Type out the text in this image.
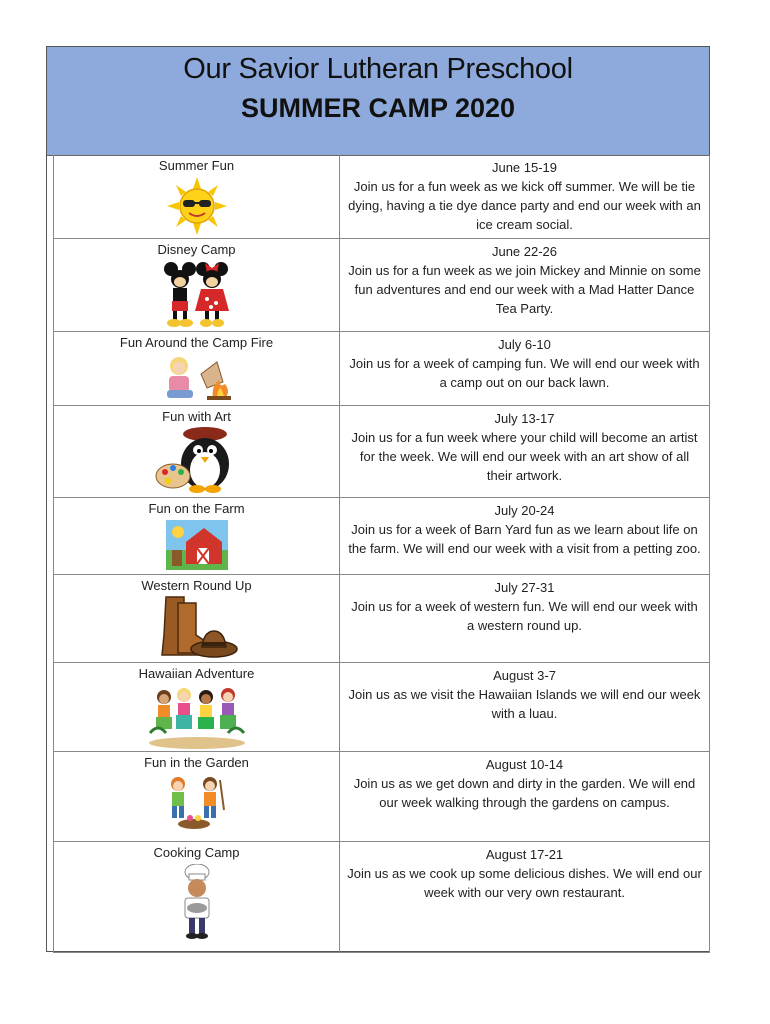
Our Savior Lutheran Preschool
SUMMER CAMP 2020
Summer Fun	June 15-19
Join us for a fun week as we kick off summer. We will be tie dying, having a tie dye dance party and end our week with an ice cream social.
Disney Camp	June 22-26
Join us for a fun week as we join Mickey and Minnie on some fun adventures and end our week with a Mad Hatter Dance Tea Party.
Fun Around the Camp Fire	July 6-10
Join us for a week of camping fun. We will end our week with a camp out on our back lawn.
Fun with Art	July 13-17
Join us for a fun week where your child will become an artist for the week. We will end our week with an art show of all their artwork.
Fun on the Farm	July 20-24
Join us for a week of Barn Yard fun as we learn about life on the farm. We will end our week with a visit from a petting zoo.
Western Round Up	July 27-31
Join us for a week of western fun. We will end our week with a western round up.
Hawaiian Adventure	August 3-7
Join us as we visit the Hawaiian Islands we will end our week with a luau.
Fun in the Garden	August 10-14
Join us as we get down and dirty in the garden. We will end our week walking through the gardens on campus.
Cooking Camp	August 17-21
Join us as we cook up some delicious dishes. We will end our week with our very own restaurant.
